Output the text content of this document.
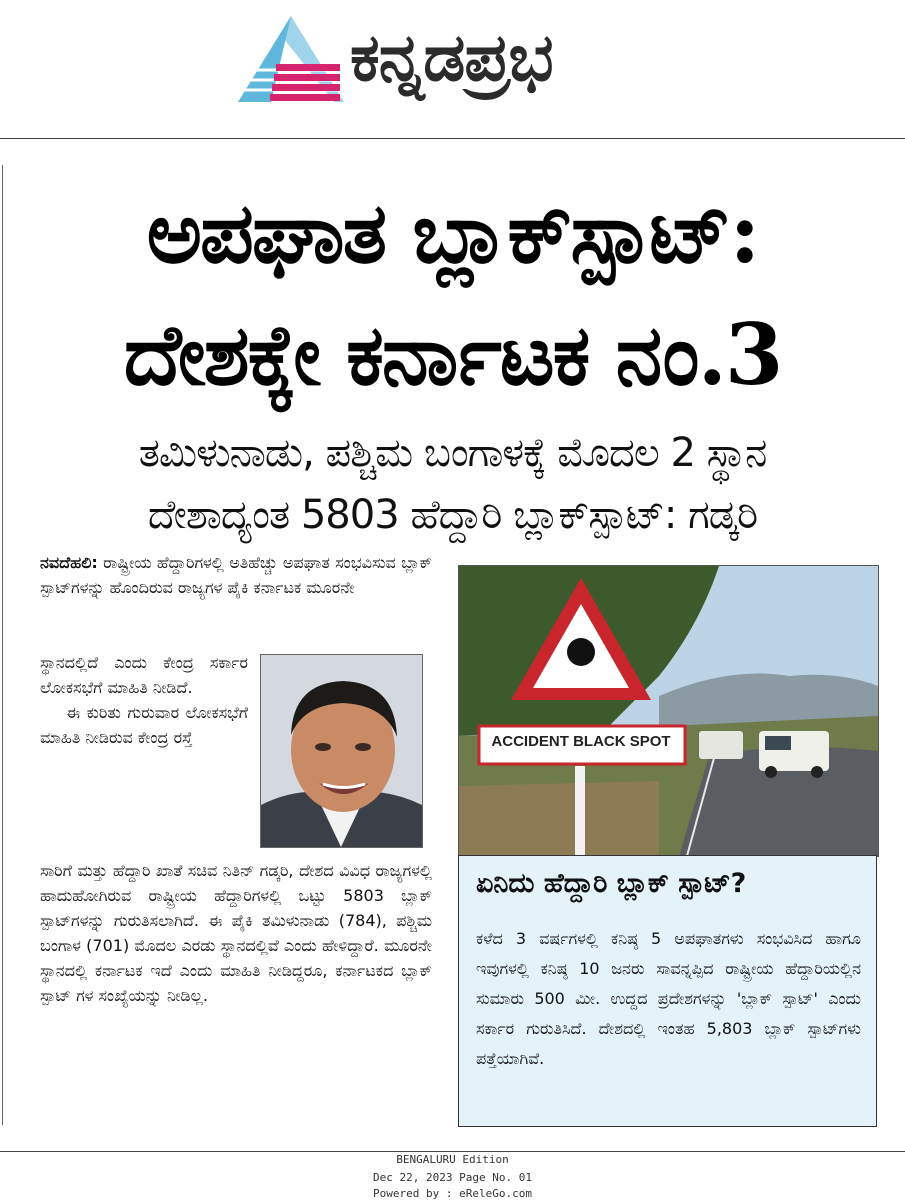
ಕನ್ನಡಪ್ರಭ
ಅಪಘಾತ ಬ್ಲಾಕ್‌ಸ್ಪಾಟ್‌:
ದೇಶಕ್ಕೇ ಕರ್ನಾಟಕ ನಂ.3
ತಮಿಳುನಾಡು, ಪಶ್ಚಿಮ ಬಂಗಾಳಕ್ಕೆ ಮೊದಲ 2 ಸ್ಥಾನ
ದೇಶಾದ್ಯಂತ 5803 ಹೆದ್ದಾರಿ ಬ್ಲಾಕ್‌ಸ್ಪಾಟ್‌: ಗಡ್ಕರಿ
ನವದೆಹಲಿ: ರಾಷ್ಟ್ರೀಯ ಹೆದ್ದಾರಿಗಳಲ್ಲಿ ಅತಿಹೆಚ್ಚು ಅಪಘಾತ ಸಂಭವಿಸುವ ಬ್ಲಾಕ್‌ ಸ್ಪಾಟ್‌ಗಳನ್ನು ಹೊಂದಿರುವ ರಾಜ್ಯಗಳ ಪೈಕಿ ಕರ್ನಾಟಕ ಮೂರನೇ
ಸ್ಥಾನದಲ್ಲಿದೆ ಎಂದು ಕೇಂದ್ರ ಸರ್ಕಾರ ಲೋಕಸಭೆಗೆ ಮಾಹಿತಿ ನೀಡಿದೆ.
ಈ ಕುರಿತು ಗುರುವಾರ ಲೋಕಸಭೆಗೆ ಮಾಹಿತಿ ನೀಡಿರುವ ಕೇಂದ್ರ ರಸ್ತೆ
ಸಾರಿಗೆ ಮತ್ತು ಹೆದ್ದಾರಿ ಖಾತೆ ಸಚಿವ ನಿತಿನ್‌ ಗಡ್ಕರಿ, ದೇಶದ ವಿವಿಧ ರಾಜ್ಯಗಳಲ್ಲಿ ಹಾದುಹೋಗಿರುವ ರಾಷ್ಟ್ರೀಯ ಹೆದ್ದಾರಿಗಳಲ್ಲಿ ಒಟ್ಟು 5803 ಬ್ಲಾಕ್‌ ಸ್ಪಾಟ್‌ಗಳನ್ನು ಗುರುತಿಸಲಾಗಿದೆ. ಈ ಪೈಕಿ ತಮಿಳುನಾಡು (784), ಪಶ್ಚಿಮ ಬಂಗಾಳ (701) ಮೊದಲ ಎರಡು ಸ್ಥಾನದಲ್ಲಿವೆ ಎಂದು ಹೇಳಿದ್ದಾರೆ. ಮೂರನೇ ಸ್ಥಾನದಲ್ಲಿ ಕರ್ನಾಟಕ ಇದೆ ಎಂದು ಮಾಹಿತಿ ನೀಡಿದ್ದರೂ, ಕರ್ನಾಟಕದ ಬ್ಲಾಕ್‌ ಸ್ಪಾಟ್‌ ಗಳ ಸಂಖ್ಯೆಯನ್ನು ನೀಡಿಲ್ಲ.
ACCIDENT BLACK SPOT
ಏನಿದು ಹೆದ್ದಾರಿ ಬ್ಲಾಕ್‌ ಸ್ಪಾಟ್‌?
ಕಳೆದ 3 ವರ್ಷಗಳಲ್ಲಿ ಕನಿಷ್ಠ 5 ಅಪಘಾತಗಳು ಸಂಭವಿಸಿದ ಹಾಗೂ ಇವುಗಳಲ್ಲಿ ಕನಿಷ್ಠ 10 ಜನರು ಸಾವನ್ನಪ್ಪಿದ ರಾಷ್ಟ್ರೀಯ ಹೆದ್ದಾರಿಯಲ್ಲಿನ ಸುಮಾರು 500 ಮೀ. ಉದ್ದದ ಪ್ರದೇಶಗಳನ್ನು 'ಬ್ಲಾಕ್‌ ಸ್ಪಾಟ್‌' ಎಂದು ಸರ್ಕಾರ ಗುರುತಿಸಿದೆ. ದೇಶದಲ್ಲಿ ಇಂತಹ 5,803 ಬ್ಲಾಕ್‌ ಸ್ಪಾಟ್‌ಗಳು ಪತ್ತೆಯಾಗಿವೆ.
BENGALURU Edition
Dec 22, 2023 Page No. 01
Powered by : eReleGo.com
